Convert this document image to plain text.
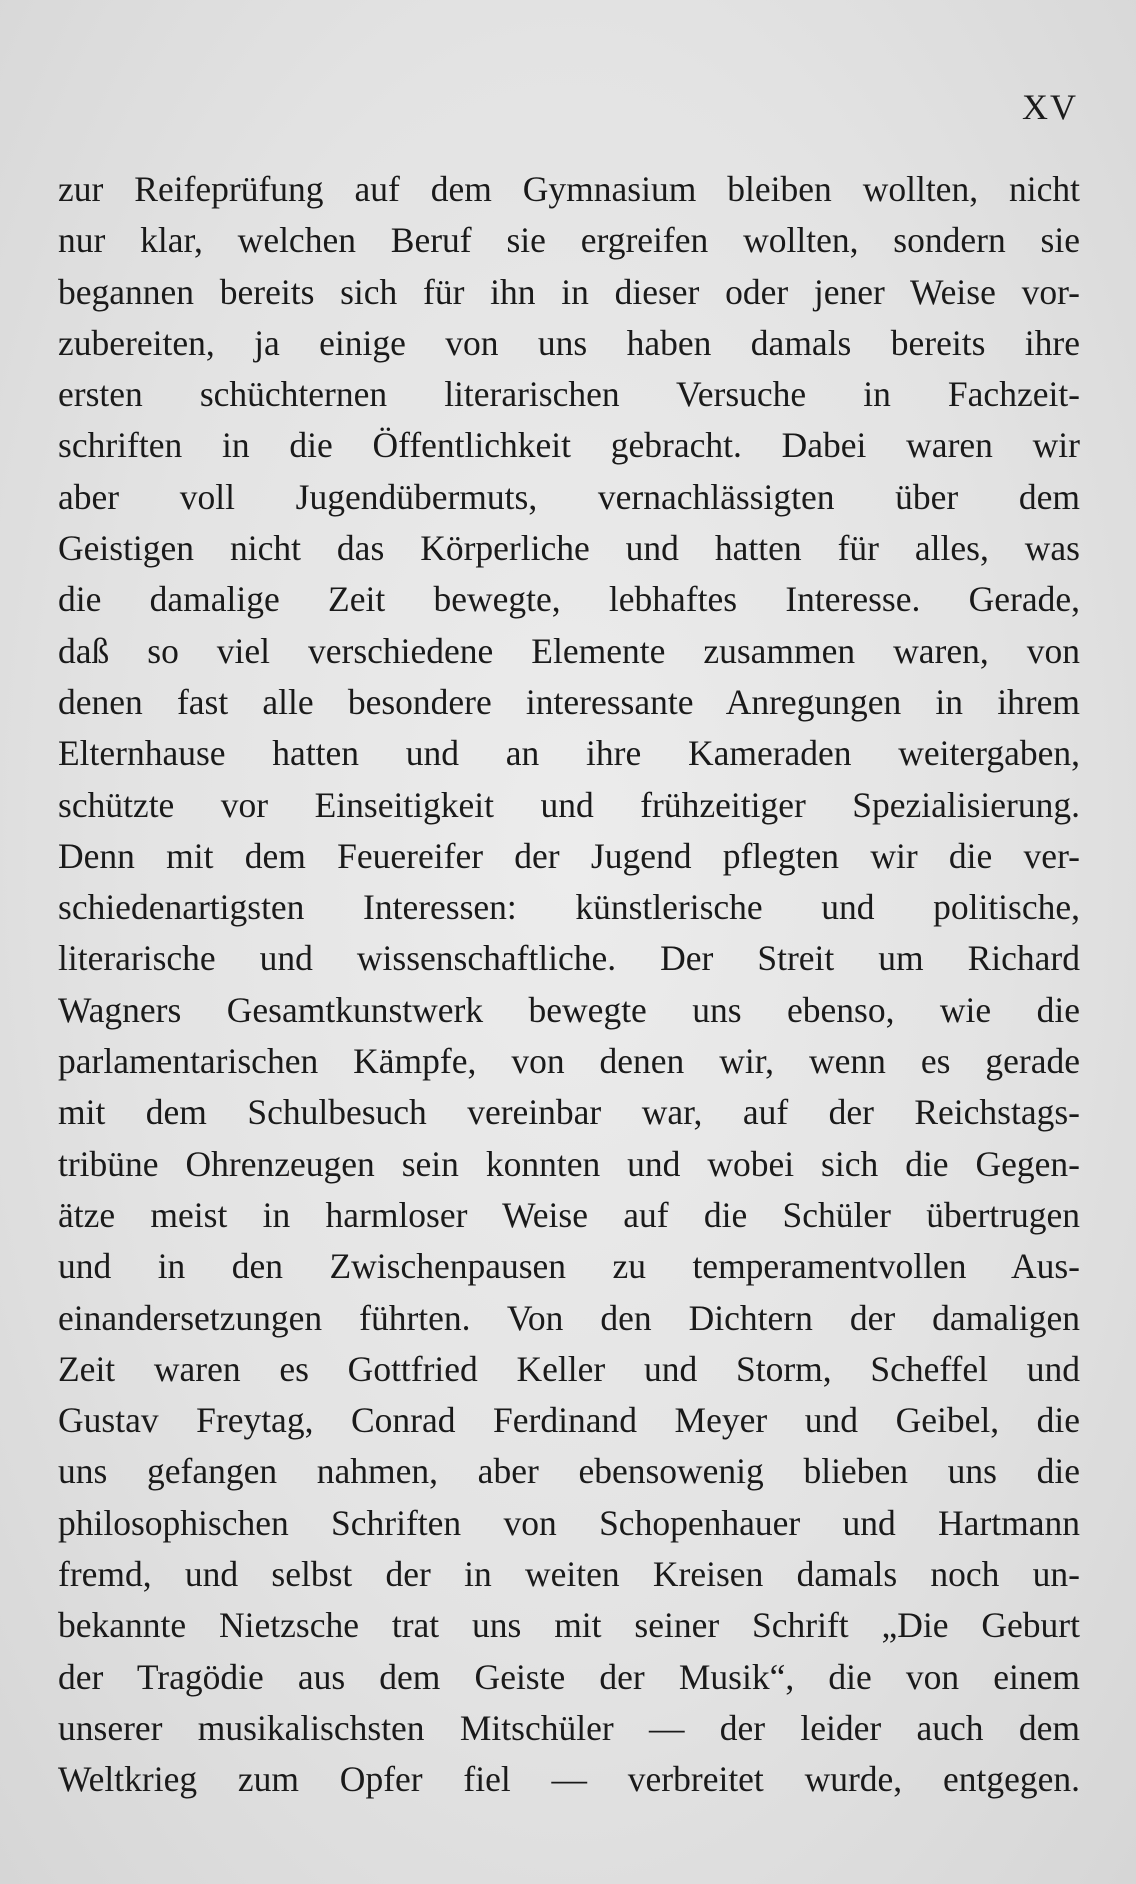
XV
zur Reifeprüfung auf dem Gymnasium bleiben wollten, nicht
nur klar, welchen Beruf sie ergreifen wollten, sondern sie
begannen bereits sich für ihn in dieser oder jener Weise vor-
zubereiten, ja einige von uns haben damals bereits ihre
ersten schüchternen literarischen Versuche in Fachzeit-
schriften in die Öffentlichkeit gebracht. Dabei waren wir
aber voll Jugendübermuts, vernachlässigten über dem
Geistigen nicht das Körperliche und hatten für alles, was
die damalige Zeit bewegte, lebhaftes Interesse. Gerade,
daß so viel verschiedene Elemente zusammen waren, von
denen fast alle besondere interessante Anregungen in ihrem
Elternhause hatten und an ihre Kameraden weitergaben,
schützte vor Einseitigkeit und frühzeitiger Spezialisierung.
Denn mit dem Feuereifer der Jugend pflegten wir die ver-
schiedenartigsten Interessen: künstlerische und politische,
literarische und wissenschaftliche. Der Streit um Richard
Wagners Gesamtkunstwerk bewegte uns ebenso, wie die
parlamentarischen Kämpfe, von denen wir, wenn es gerade
mit dem Schulbesuch vereinbar war, auf der Reichstags-
tribüne Ohrenzeugen sein konnten und wobei sich die Gegen-
ätze meist in harmloser Weise auf die Schüler übertrugen
und in den Zwischenpausen zu temperamentvollen Aus-
einandersetzungen führten. Von den Dichtern der damaligen
Zeit waren es Gottfried Keller und Storm, Scheffel und
Gustav Freytag, Conrad Ferdinand Meyer und Geibel, die
uns gefangen nahmen, aber ebensowenig blieben uns die
philosophischen Schriften von Schopenhauer und Hartmann
fremd, und selbst der in weiten Kreisen damals noch un-
bekannte Nietzsche trat uns mit seiner Schrift „Die Geburt
der Tragödie aus dem Geiste der Musik“, die von einem
unserer musikalischsten Mitschüler — der leider auch dem
Weltkrieg zum Opfer fiel — verbreitet wurde, entgegen.
